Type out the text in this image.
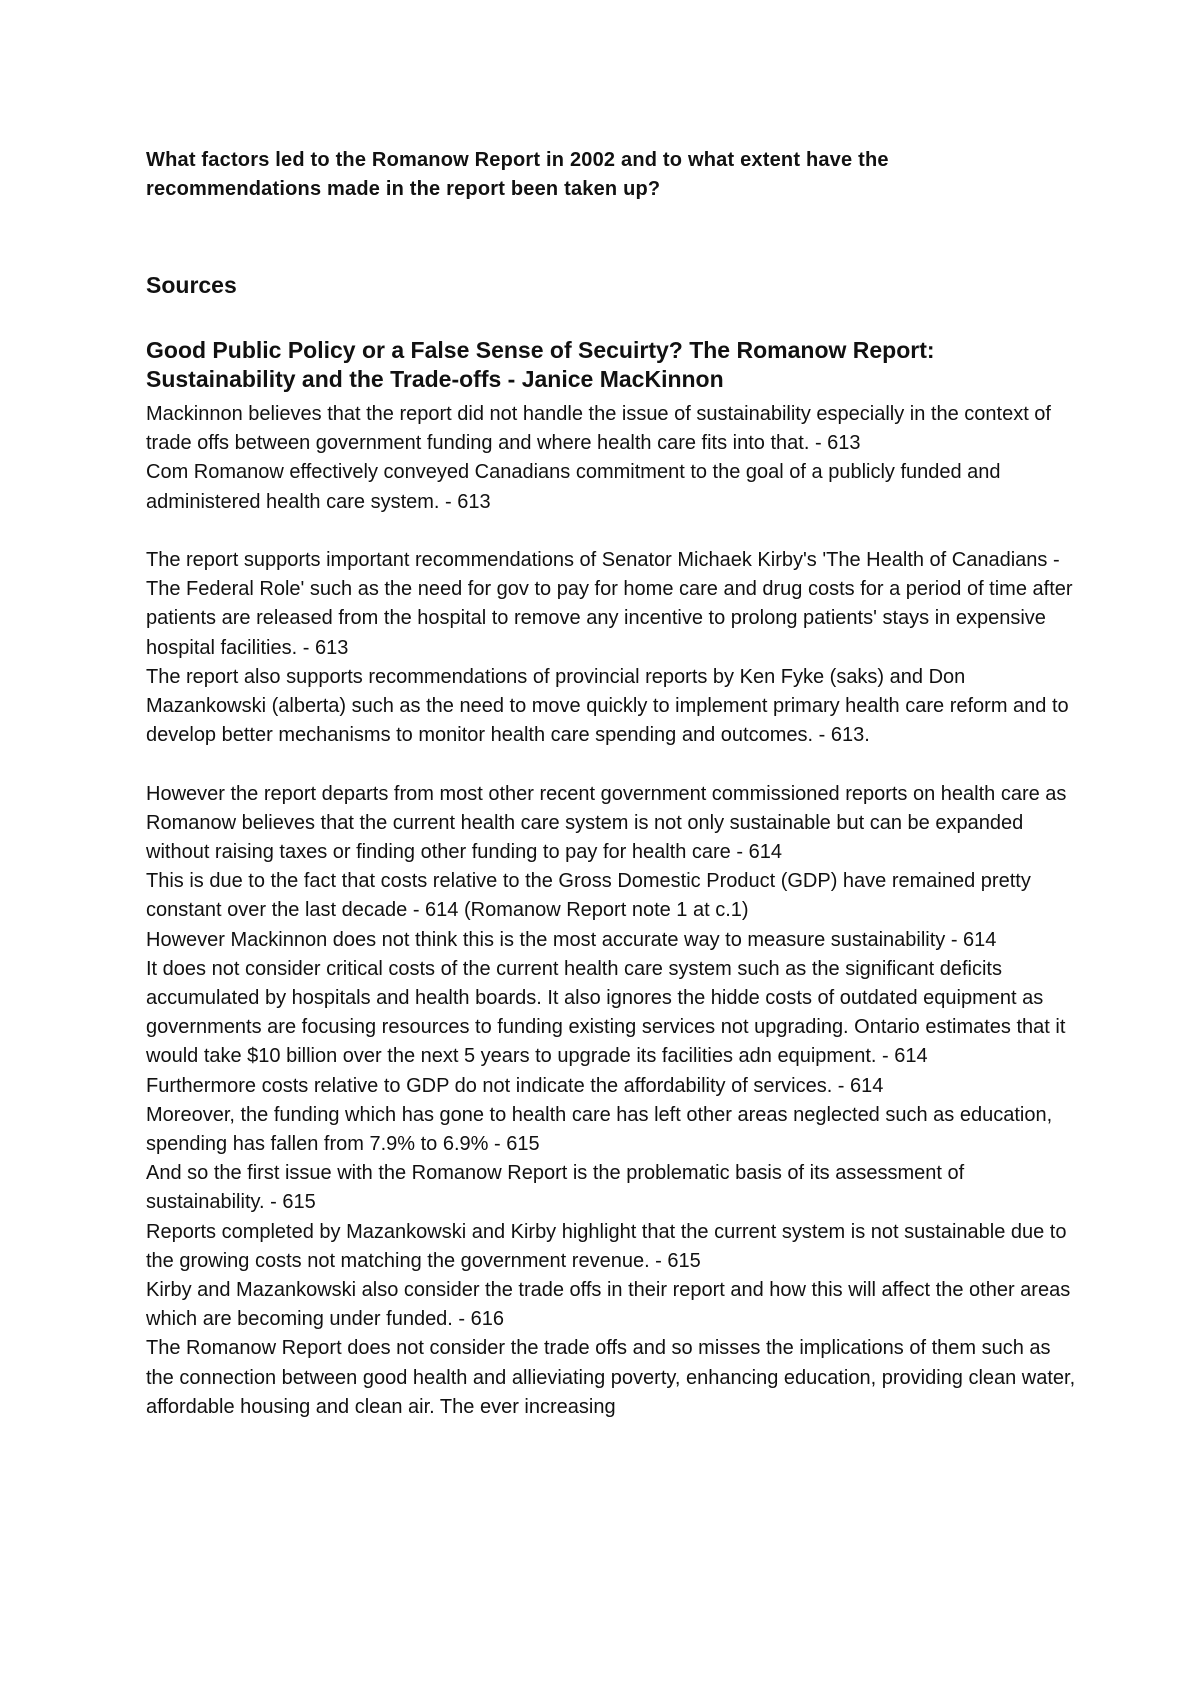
What factors led to the Romanow Report in 2002 and to what extent have the recommendations made in the report been taken up?
Sources
Good Public Policy or a False Sense of Secuirty? The Romanow Report: Sustainability and the Trade-offs - Janice MacKinnon

Mackinnon believes that the report did not handle the issue of sustainability especially in the context of trade offs between government funding and where health care fits into that. - 613

Com Romanow effectively conveyed Canadians commitment to the goal of a publicly funded and administered health care system. - 613

The report supports important recommendations of Senator Michaek Kirby's 'The Health of Canadians - The Federal Role' such as the need for gov to pay for home care and drug costs for a period of time after patients are released from the hospital to remove any incentive to prolong patients' stays in expensive hospital facilities. - 613

The report also supports recommendations of provincial reports by Ken Fyke (saks) and Don Mazankowski (alberta) such as the need to move quickly to implement primary health care reform and to develop better mechanisms to monitor health care spending and outcomes. - 613.

However the report departs from most other recent government commissioned reports on health care as Romanow believes that the current health care system is not only sustainable but can be expanded without raising taxes or finding other funding to pay for health care - 614

This is due to the fact that costs relative to the Gross Domestic Product (GDP) have remained pretty constant over the last decade - 614 (Romanow Report note 1 at c.1)

However Mackinnon does not think this is the most accurate way to measure sustainability - 614

It does not consider critical costs of the current health care system such as the significant deficits accumulated by hospitals and health boards. It also ignores the hidde costs of outdated equipment as governments are focusing resources to funding existing services not upgrading. Ontario estimates that it would take $10 billion over the next 5 years to upgrade its facilities adn equipment. - 614

Furthermore costs relative to GDP do not indicate the affordability of services. - 614

Moreover, the funding which has gone to health care has left other areas neglected such as education, spending has fallen from 7.9% to 6.9% - 615

And so the first issue with the Romanow Report is the problematic basis of its assessment of sustainability. - 615

Reports completed by Mazankowski and Kirby highlight that the current system is not sustainable due to the growing costs not matching the government revenue. - 615

Kirby and Mazankowski also consider the trade offs in their report and how this will affect the other areas which are becoming under funded. - 616

The Romanow Report does not consider the trade offs and so misses the implications of them such as the connection between good health and allieviating poverty, enhancing education, providing clean water, affordable housing and clean air. The ever increasing
